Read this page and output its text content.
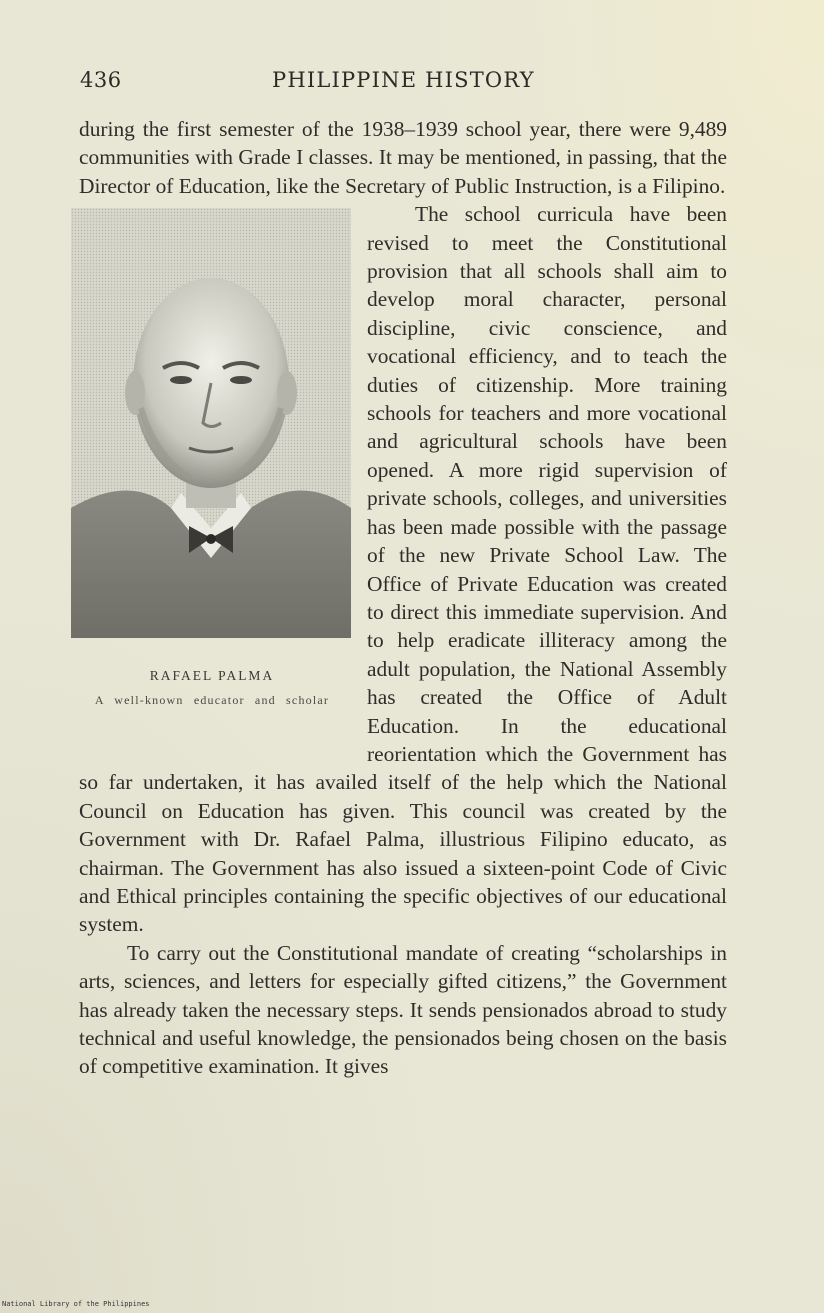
436	PHILIPPINE HISTORY

during the first semester of the 1938–1939 school year, there were 9,489 communities with Grade I classes. It may be mentioned, in passing, that the Director of Education, like the Secretary of Public Instruction, is a Filipino.

RAFAEL PALMA
A well-known educator and scholar

The school curricula have been revised to meet the Constitutional provision that all schools shall aim to develop moral character, personal discipline, civic conscience, and vocational efficiency, and to teach the duties of citizenship. More training schools for teachers and more vocational and agricultural schools have been opened. A more rigid supervision of private schools, colleges, and universities has been made possible with the passage of the new Private School Law. The Office of Private Education was created to direct this immediate supervision. And to help eradicate illiteracy among the adult population, the National Assembly has created the Office of Adult Education. In the educational reorientation which the Government has so far undertaken, it has availed itself of the help which the National Council on Education has given. This council was created by the Government with Dr. Rafael Palma, illustrious Filipino educato, as chairman. The Government has also issued a sixteen-point Code of Civic and Ethical principles containing the specific objectives of our educational system.

To carry out the Constitutional mandate of creating “scholarships in arts, sciences, and letters for especially gifted citizens,” the Government has already taken the necessary steps. It sends pensionados abroad to study technical and useful knowledge, the pensionados being chosen on the basis of competitive examination. It gives

National Library of the Philippines
